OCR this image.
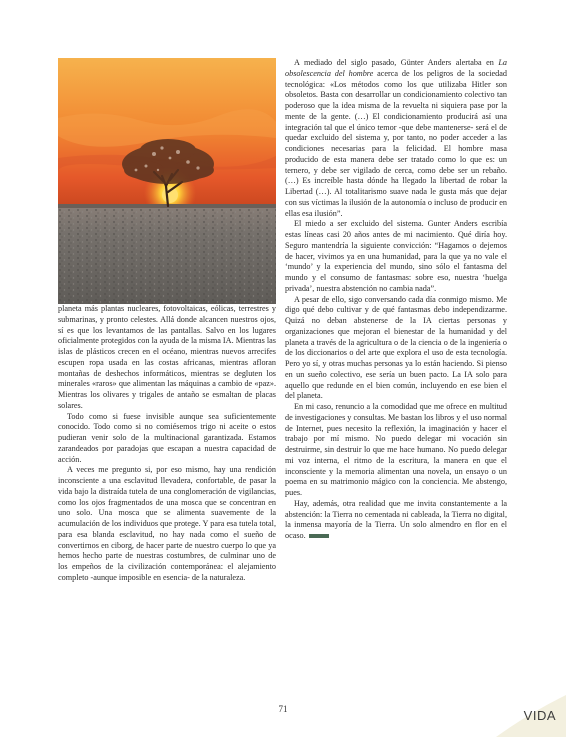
planeta más plantas nucleares, fotovoltaicas, eólicas, terrestres y submarinas, y pronto celestes. Allá donde alcancen nuestros ojos, sí es que los levantamos de las pantallas. Salvo en los lugares oficialmente protegidos con la ayuda de la misma IA. Mientras las islas de plásticos crecen en el océano, mientras nuevos arrecifes escupen ropa usada en las costas africanas, mientras afloran montañas de deshechos informáticos, mientras se degluten los minerales «raros» que alimentan las máquinas a cambio de «paz». Mientras los olivares y trigales de antaño se esmaltan de placas solares.

Todo como si fuese invisible aunque sea suficientemente conocido. Todo como si no comiésemos trigo ni aceite o estos pudieran venir solo de la multinacional garantizada. Estamos zarandeados por paradojas que escapan a nuestra capacidad de acción.

A veces me pregunto si, por eso mismo, hay una rendición inconsciente a una esclavitud llevadera, confortable, de pasar la vida bajo la distraída tutela de una conglomeración de vigilancias, como los ojos fragmentados de una mosca que se concentran en uno solo. Una mosca que se alimenta suavemente de la acumulación de los individuos que protege. Y para esa tutela total, para esa blanda esclavitud, no hay nada como el sueño de convertirnos en ciborg, de hacer parte de nuestro cuerpo lo que ya hemos hecho parte de nuestras costumbres, de culminar uno de los empeños de la civilización contemporánea: el alejamiento completo -aunque imposible en esencia- de la naturaleza.

A mediado del siglo pasado, Günter Anders alertaba en La obsolescencia del hombre acerca de los peligros de la sociedad tecnológica: «Los métodos como los que utilizaba Hitler son obsoletos. Basta con desarrollar un condicionamiento colectivo tan poderoso que la idea misma de la revuelta ni siquiera pase por la mente de la gente. (…) El condicionamiento producirá así una integración tal que el único temor -que debe mantenerse- será el de quedar excluido del sistema y, por tanto, no poder acceder a las condiciones necesarias para la felicidad. El hombre masa producido de esta manera debe ser tratado como lo que es: un ternero, y debe ser vigilado de cerca, como debe ser un rebaño. (…) Es increíble hasta dónde ha llegado la libertad de robar la Libertad (…). Al totalitarismo suave nada le gusta más que dejar con sus víctimas la ilusión de la autonomía o incluso de producir en ellas esa ilusión”.

El miedo a ser excluido del sistema. Gunter Anders escribía estas líneas casi 20 años antes de mi nacimiento. Qué diría hoy. Seguro mantendría la siguiente convicción: “Hagamos o dejemos de hacer, vivimos ya en una humanidad, para la que ya no vale el ‘mundo’ y la experiencia del mundo, sino sólo el fantasma del mundo y el consumo de fantasmas: sobre eso, nuestra ‘huelga privada’, nuestra abstención no cambia nada”.

A pesar de ello, sigo conversando cada día conmigo mismo. Me digo qué debo cultivar y de qué fantasmas debo independizarme. Quizá no deban abstenerse de la IA ciertas personas y organizaciones que mejoran el bienestar de la humanidad y del planeta a través de la agricultura o de la ciencia o de la ingeniería o de los diccionarios o del arte que explora el uso de esta tecnología. Pero yo sí, y otras muchas personas ya lo están haciendo. Si pienso en un sueño colectivo, ese sería un buen pacto. La IA solo para aquello que redunde en el bien común, incluyendo en ese bien el del planeta.

En mi caso, renuncio a la comodidad que me ofrece en multitud de investigaciones y consultas. Me bastan los libros y el uso normal de Internet, pues necesito la reflexión, la imaginación y hacer el trabajo por mí mismo. No puedo delegar mi vocación sin destruirme, sin destruir lo que me hace humano. No puedo delegar mi voz interna, el ritmo de la escritura, la manera en que el inconsciente y la memoria alimentan una novela, un ensayo o un poema en su matrimonio mágico con la conciencia. Me abstengo, pues.

Hay, además, otra realidad que me invita constantemente a la abstención: la Tierra no cementada ni cableada, la Tierra no digital, la inmensa mayoría de la Tierra. Un solo almendro en flor en el ocaso.

71	VIDA
